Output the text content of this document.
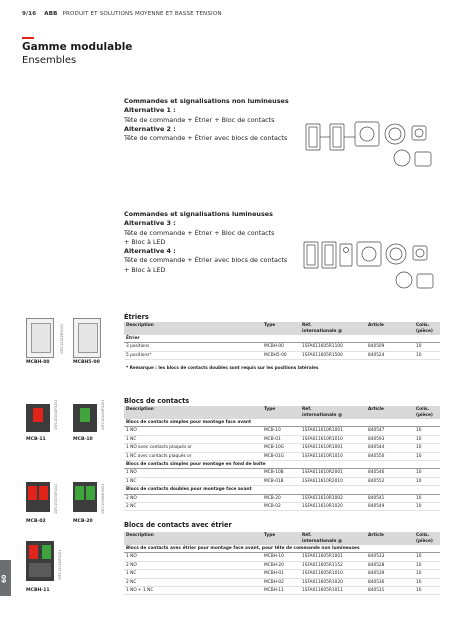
9/16 ABB PRODUIT ET SOLUTIONS MOYENNE ET BASSE TENSION
Gamme modulable
Ensembles
Commandes et signalisations non lumineuses
Alternative 1 :
Tête de commande + Étrier + Bloc de contacts
Alternative 2 :
Tête de commande + Étrier avec blocs de contacts
Commandes et signalisations lumineuses
Alternative 3 :
Tête de commande + Étrier + Bloc de contacts
+ Bloc à LED
Alternative 4 :
Tête de commande + Étrier avec blocs de contacts
+ Bloc à LED
Étriers
1SFC151019F0201
MCBH-00	MCBH5-00
Description	Type	Réf.
internationale @	Article	Colis.
(pièce)
Étrier				
3 positions	MCBH-00	1SFA611605R1100	840509	10
5 positions*	MCBH5-00	1SFA611605R1500	840524	10
* Remarque : les blocs de contacts doubles sont requis sur les positions latérales
Blocs de contacts
1SFC151010F0201	1SFC151020F0201
MCB-11	MCB-10
1SFC151070F0201	1SFC151080F0201
MCB-02	MCB-20
1SFC151100F0201
MCBH-11
Description	Type	Réf.
internationale @	Article	Colis.
(pièce)
Blocs de contacts simples pour montage face avant				
1 NO	MCB-10	1SFA611610R1001	840547	10
1 NC	MCB-01	1SFA611610R1010	840593	10
1 NO avec contacts plaqués or	MCB-10G	1SFA611610R1001	840544	10
1 NC avec contacts plaqués or	MCB-01G	1SFA611610R1010	840550	10
Blocs de contacts simples pour montage en fond de boîte				
1 NO	MCB-10B	1SFA611610R2001	840546	10
1 NC	MCB-01B	1SFA611610R2010	840552	10
Blocs de contacts doubles pour montage face avant				
2 NO	MCB-20	1SFA611610R1002	840541	10
2 NC	MCB-02	1SFA611610R1020	840549	10
Blocs de contacts avec étrier
Description	Type	Réf.
internationale @	Article	Colis.
(pièce)
Blocs de contacts avec étrier pour montage face avant, pour tête de commande non lumineuses				
1 NO	MCBH-10	1SFA611605R1001	840533	10
2 NO	MCBH-20	1SFA611605R1152	840528	10
1 NC	MCBH-01	1SFA611605R1010	840539	10
2 NC	MCBH-02	1SFA611605R1020	840536	10
1 NO + 1 NC	MCBH-11	1SFA611605R1011	840531	10
60
